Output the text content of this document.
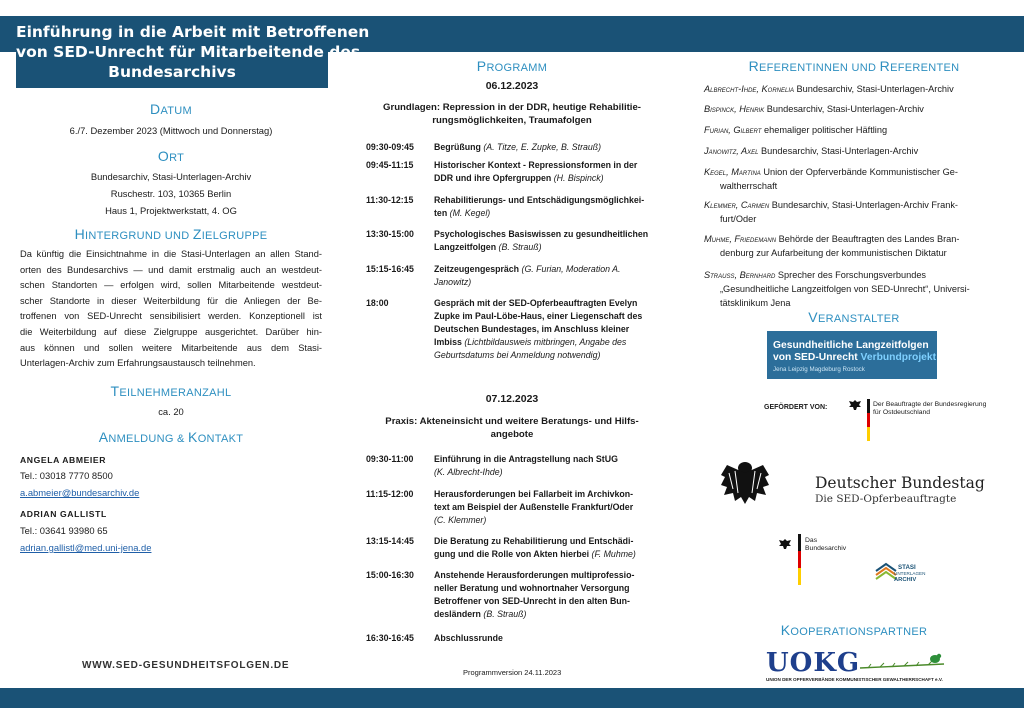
Einführung in die Arbeit mit Betroffenen
von SED-Unrecht für Mitarbeitende des
Bundesarchivs
DATUM
6./7. Dezember 2023 (Mittwoch und Donnerstag)
ORT
Bundesarchiv, Stasi-Unterlagen-Archiv
Ruschestr. 103, 10365 Berlin
Haus 1, Projektwerkstatt, 4. OG
HINTERGRUND UND ZIELGRUPPE
Da künftig die Einsichtnahme in die Stasi-Unterlagen an allen Stand-
orten des Bundesarchivs — und damit erstmalig auch an westdeut-
schen Standorten — erfolgen wird, sollen Mitarbeitende westdeut-
scher Standorte in dieser Weiterbildung für die Anliegen der Be-
troffenen von SED-Unrecht sensibilisiert werden. Konzeptionell ist
die Weiterbildung auf diese Zielgruppe ausgerichtet. Darüber hin-
aus können und sollen weitere Mitarbeitende aus dem Stasi-
Unterlagen-Archiv zum Erfahrungsaustausch teilnehmen.
TEILNEHMERANZAHL
ca. 20
ANMELDUNG & KONTAKT
ANGELA ABMEIER
Tel.: 03018 7770 8500
a.abmeier@bundesarchiv.de
ADRIAN GALLISTL
Tel.: 03641 93980 65
adrian.gallistl@med.uni-jena.de
WWW.SED-GESUNDHEITSFOLGEN.DE
PROGRAMM
06.12.2023
Grundlagen: Repression in der DDR, heutige Rehabilitie-
rungsmöglichkeiten, Traumafolgen
09:30-09:45 Begrüßung (A. Titze, E. Zupke, B. Strauß)
09:45-11:15 Historischer Kontext - Repressionsformen in der
DDR und ihre Opfergruppen (H. Bispinck)
11:30-12:15 Rehabilitierungs- und Entschädigungsmöglichkei-
ten (M. Kegel)
13:30-15:00 Psychologisches Basiswissen zu gesundheitlichen
Langzeitfolgen (B. Strauß)
15:15-16:45 Zeitzeugengespräch (G. Furian, Moderation A.
Janowitz)
18:00	Gespräch mit der SED-Opferbeauftragten Evelyn
Zupke im Paul-Löbe-Haus, einer Liegenschaft des
Deutschen Bundestages, im Anschluss kleiner
Imbiss (Lichtbildausweis mitbringen, Angabe des
Geburtsdatums bei Anmeldung notwendig)
07.12.2023
Praxis: Akteneinsicht und weitere Beratungs- und Hilfs-
angebote
09:30-11:00 Einführung in die Antragstellung nach StUG
(K. Albrecht-Ihde)
11:15-12:00 Herausforderungen bei Fallarbeit im Archivkon-
text am Beispiel der Außenstelle Frankfurt/Oder
(C. Klemmer)
13:15-14:45 Die Beratung zu Rehabilitierung und Entschädi-
gung und die Rolle von Akten hierbei (F. Muhme)
15:00-16:30 Anstehende Herausforderungen multiprofessio-
neller Beratung und wohnortnaher Versorgung
Betroffener von SED-Unrecht in den alten Bun-
desländern (B. Strauß)
16:30-16:45 Abschlussrunde
Programmversion 24.11.2023
REFERENTINNEN UND REFERENTEN
Albrecht-Ihde, Kornelia Bundesarchiv, Stasi-Unterlagen-Archiv
Bispinck, Henrik Bundesarchiv, Stasi-Unterlagen-Archiv
Furian, Gilbert ehemaliger politischer Häftling
Janowitz, Axel Bundesarchiv, Stasi-Unterlagen-Archiv
Kegel, Martina Union der Opferverbände Kommunistischer Ge-
waltherrschaft
Klemmer, Carmen Bundesarchiv, Stasi-Unterlagen-Archiv Frank-
furt/Oder
Muhme, Friedemann Behörde der Beauftragten des Landes Bran-
denburg zur Aufarbeitung der kommunistischen Diktatur
Strauß, Bernhard Sprecher des Forschungsverbundes
„Gesundheitliche Langzeitfolgen von SED-Unrecht“, Universi-
tätsklinikum Jena
VERANSTALTER
Gesundheitliche Langzeitfolgen
von SED-Unrecht Verbundprojekt
Jena Leipzig Magdeburg Rostock
GEFÖRDERT VON:	Der Beauftragte der Bundesregierung
für Ostdeutschland
Deutscher Bundestag
Die SED-Opferbeauftragte
Das
Bundesarchiv
STASI
UNTERLAGEN
ARCHIV
KOOPERATIONSPARTNER
UOKG
UNION DER OPFERVERBÄNDE KOMMUNISTISCHER GEWALTHERRSCHAFT e.V.
